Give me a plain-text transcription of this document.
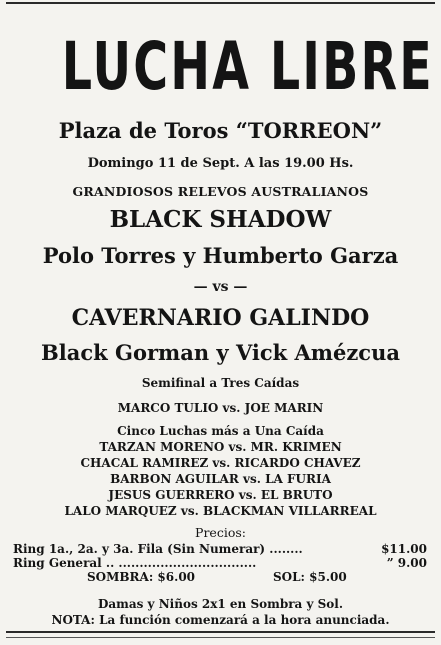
LUCHA LIBRE
Plaza de Toros “TORREON”
Domingo 11 de Sept. A las 19.00 Hs.
GRANDIOSOS RELEVOS AUSTRALIANOS
BLACK SHADOW
Polo Torres y Humberto Garza
— vs —
CAVERNARIO GALINDO
Black Gorman y Vick Amézcua
Semifinal a Tres Caídas
MARCO TULIO vs. JOE MARIN
Cinco Luchas más a Una Caída
TARZAN MORENO vs. MR. KRIMEN
CHACAL RAMIREZ vs. RICARDO CHAVEZ
BARBON AGUILAR vs. LA FURIA
JESUS GUERRERO vs. EL BRUTO
LALO MARQUEZ vs. BLACKMAN VILLARREAL
Precios:
Ring 1a., 2a. y 3a. Fila (Sin Numerar) ........	$11.00
Ring General .. .................................	” 9.00
SOMBRA: $6.00	SOL: $5.00
Damas y Niños 2x1 en Sombra y Sol.
NOTA: La función comenzará a la hora anunciada.
